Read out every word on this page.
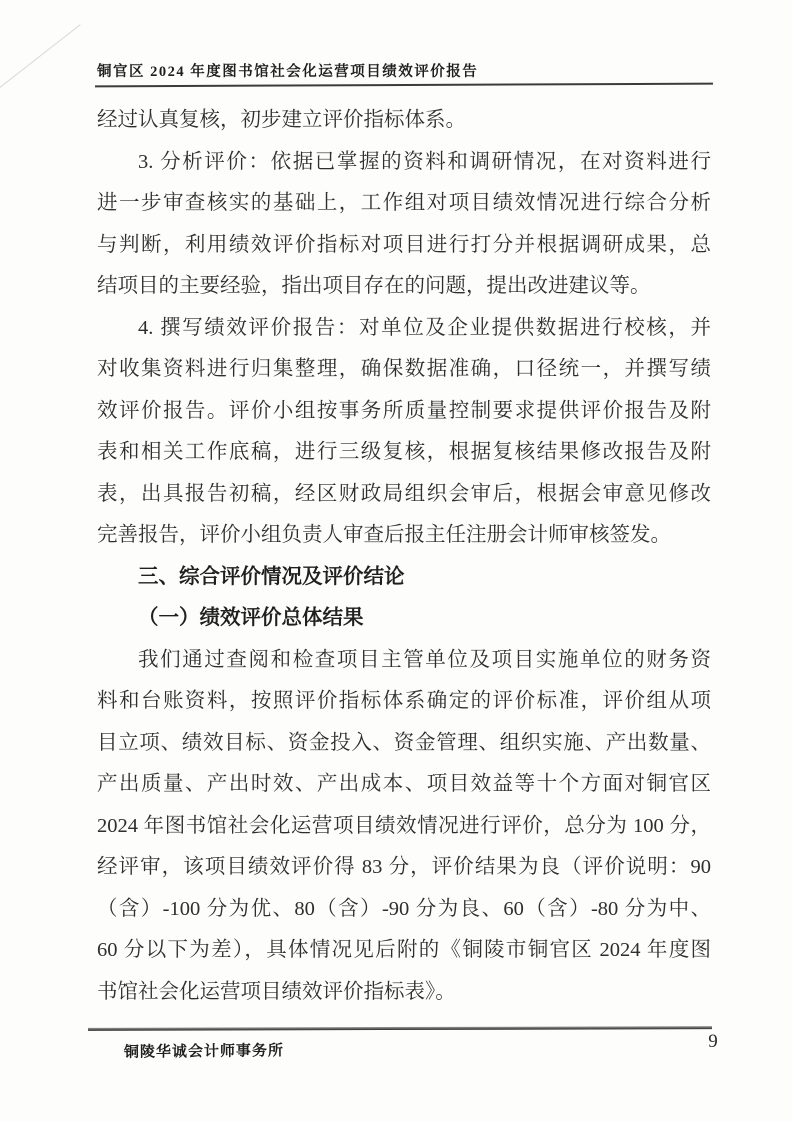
铜官区 2024 年度图书馆社会化运营项目绩效评价报告
经过认真复核，初步建立评价指标体系。
3. 分析评价：依据已掌握的资料和调研情况，在对资料进行
进一步审查核实的基础上，工作组对项目绩效情况进行综合分析
与判断，利用绩效评价指标对项目进行打分并根据调研成果，总
结项目的主要经验，指出项目存在的问题，提出改进建议等。
4. 撰写绩效评价报告：对单位及企业提供数据进行校核，并
对收集资料进行归集整理，确保数据准确，口径统一，并撰写绩
效评价报告。评价小组按事务所质量控制要求提供评价报告及附
表和相关工作底稿，进行三级复核，根据复核结果修改报告及附
表，出具报告初稿，经区财政局组织会审后，根据会审意见修改
完善报告，评价小组负责人审查后报主任注册会计师审核签发。
三、综合评价情况及评价结论
（一）绩效评价总体结果
我们通过查阅和检查项目主管单位及项目实施单位的财务资
料和台账资料，按照评价指标体系确定的评价标准，评价组从项
目立项、绩效目标、资金投入、资金管理、组织实施、产出数量、
产出质量、产出时效、产出成本、项目效益等十个方面对铜官区
2024 年图书馆社会化运营项目绩效情况进行评价，总分为 100 分，
经评审，该项目绩效评价得 83 分，评价结果为良（评价说明：90
（含）-100 分为优、80（含）-90 分为良、60（含）-80 分为中、
60 分以下为差），具体情况见后附的《铜陵市铜官区 2024 年度图
书馆社会化运营项目绩效评价指标表》。
9
铜陵华诚会计师事务所
